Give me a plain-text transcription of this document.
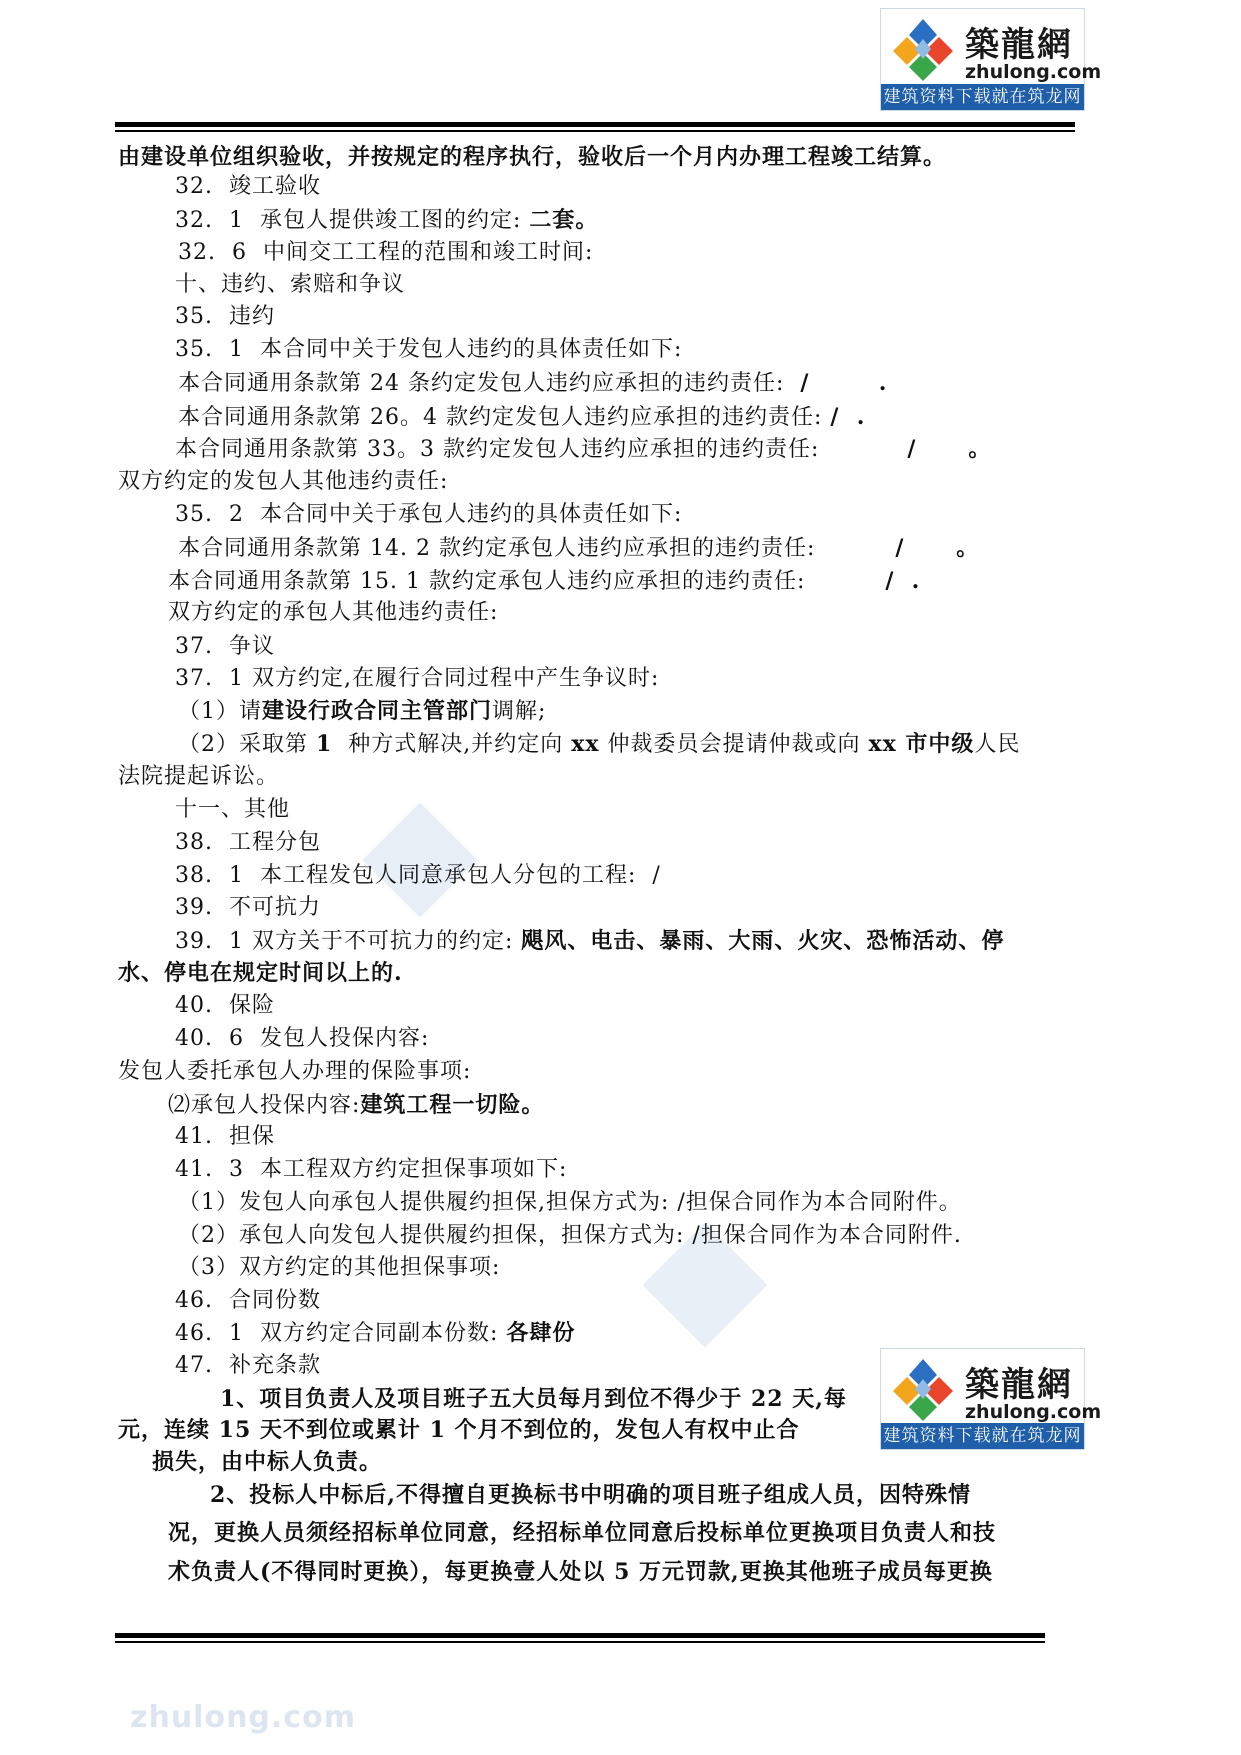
築龍網
zhulong.com
建筑资料下载就在筑龙网
由建设单位组织验收，并按规定的程序执行，验收后一个月内办理工程竣工结算。
32.  竣工验收
32.  1  承包人提供竣工图的约定: 二套。
32.  6  中间交工工程的范围和竣工时间:
十、违约、索赔和争议
35.  违约
35.  1  本合同中关于发包人违约的具体责任如下:
本合同通用条款第 24 条约定发包人违约应承担的违约责任:  /        .
本合同通用条款第 26。4 款约定发包人违约应承担的违约责任: /  .
本合同通用条款第 33。3 款约定发包人违约应承担的违约责任:           /      。
双方约定的发包人其他违约责任:
35.  2  本合同中关于承包人违约的具体责任如下:
本合同通用条款第 14. 2 款约定承包人违约应承担的违约责任:          /      。
本合同通用条款第 15. 1 款约定承包人违约应承担的违约责任:          /  .
双方约定的承包人其他违约责任:
37.  争议
37.  1 双方约定,在履行合同过程中产生争议时:
（1）请建设行政合同主管部门调解;
（2）采取第 1  种方式解决,并约定向 xx 仲裁委员会提请仲裁或向 xx 市中级人民
法院提起诉讼。
十一、其他
38.  工程分包
38.  1  本工程发包人同意承包人分包的工程:  /
39.  不可抗力
39.  1 双方关于不可抗力的约定: 飓风、电击、暴雨、大雨、火灾、恐怖活动、停
水、停电在规定时间以上的.
40.  保险
40.  6  发包人投保内容:
发包人委托承包人办理的保险事项:
⑵承包人投保内容:建筑工程一切险。
41.  担保
41.  3  本工程双方约定担保事项如下:
（1）发包人向承包人提供履约担保,担保方式为: /担保合同作为本合同附件。
（2）承包人向发包人提供履约担保，担保方式为: /担保合同作为本合同附件.
（3）双方约定的其他担保事项:
46.  合同份数
46.  1  双方约定合同副本份数: 各肆份
47.  补充条款
1、项目负责人及项目班子五大员每月到位不得少于 22 天,每
元，连续 15 天不到位或累计 1 个月不到位的，发包人有权中止合
损失，由中标人负责。
2、投标人中标后,不得擅自更换标书中明确的项目班子组成人员，因特殊情
况，更换人员须经招标单位同意，经招标单位同意后投标单位更换项目负责人和技
术负责人(不得同时更换），每更换壹人处以 5 万元罚款,更换其他班子成员每更换
築龍網
zhulong.com
建筑资料下载就在筑龙网
zhulong.com
